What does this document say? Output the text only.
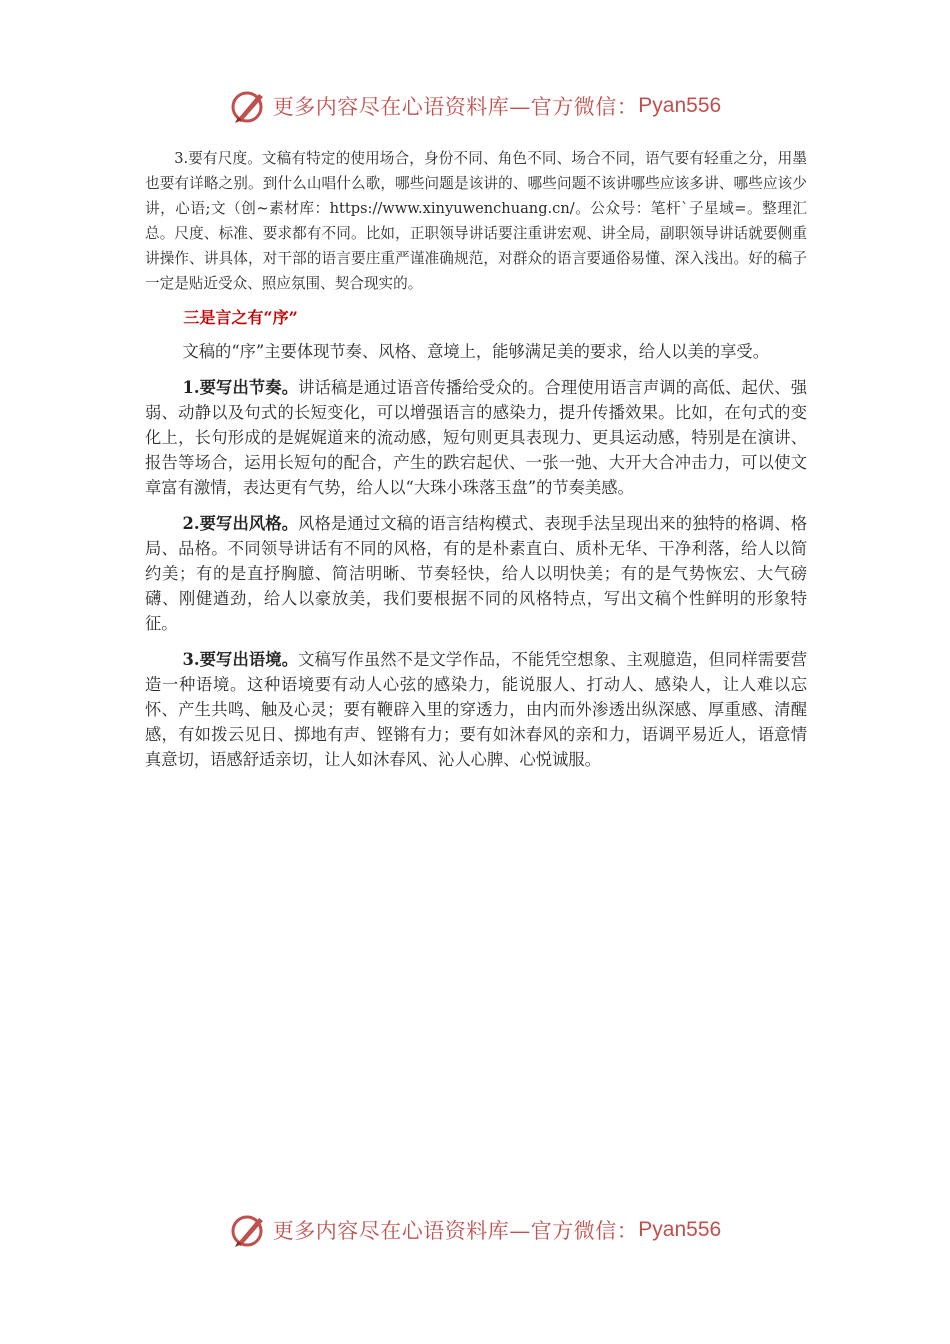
更多内容尽在心语资料库—官方微信： Pyan556

3.要有尺度。文稿有特定的使用场合，身份不同、角色不同、场合不同，语气要有轻重之分，用墨也要有详略之别。到什么山唱什么歌，哪些问题是该讲的、哪些问题不该讲哪些应该多讲、哪些应该少讲，心语;文（创~素材库：https://www.xinyuwenchuang.cn/。公众号：笔杆`子星域=。整理汇总。尺度、标准、要求都有不同。比如，正职领导讲话要注重讲宏观、讲全局，副职领导讲话就要侧重讲操作、讲具体，对干部的语言要庄重严谨准确规范，对群众的语言要通俗易懂、深入浅出。好的稿子一定是贴近受众、照应氛围、契合现实的。

三是言之有“序”

文稿的“序”主要体现节奏、风格、意境上，能够满足美的要求，给人以美的享受。

1.要写出节奏。讲话稿是通过语音传播给受众的。合理使用语言声调的高低、起伏、强弱、动静以及句式的长短变化，可以增强语言的感染力，提升传播效果。比如，在句式的变化上，长句形成的是娓娓道来的流动感，短句则更具表现力、更具运动感，特别是在演讲、报告等场合，运用长短句的配合，产生的跌宕起伏、一张一弛、大开大合冲击力，可以使文章富有激情，表达更有气势，给人以“大珠小珠落玉盘”的节奏美感。

2.要写出风格。风格是通过文稿的语言结构模式、表现手法呈现出来的独特的格调、格局、品格。不同领导讲话有不同的风格，有的是朴素直白、质朴无华、干净利落，给人以简约美；有的是直抒胸臆、简洁明晰、节奏轻快，给人以明快美；有的是气势恢宏、大气磅礴、刚健遒劲，给人以豪放美，我们要根据不同的风格特点，写出文稿个性鲜明的形象特征。

3.要写出语境。文稿写作虽然不是文学作品，不能凭空想象、主观臆造，但同样需要营造一种语境。这种语境要有动人心弦的感染力，能说服人、打动人、感染人，让人难以忘怀、产生共鸣、触及心灵；要有鞭辟入里的穿透力，由内而外渗透出纵深感、厚重感、清醒感，有如拨云见日、掷地有声、铿锵有力；要有如沐春风的亲和力，语调平易近人，语意情真意切，语感舒适亲切，让人如沐春风、沁人心脾、心悦诚服。

更多内容尽在心语资料库—官方微信： Pyan556
